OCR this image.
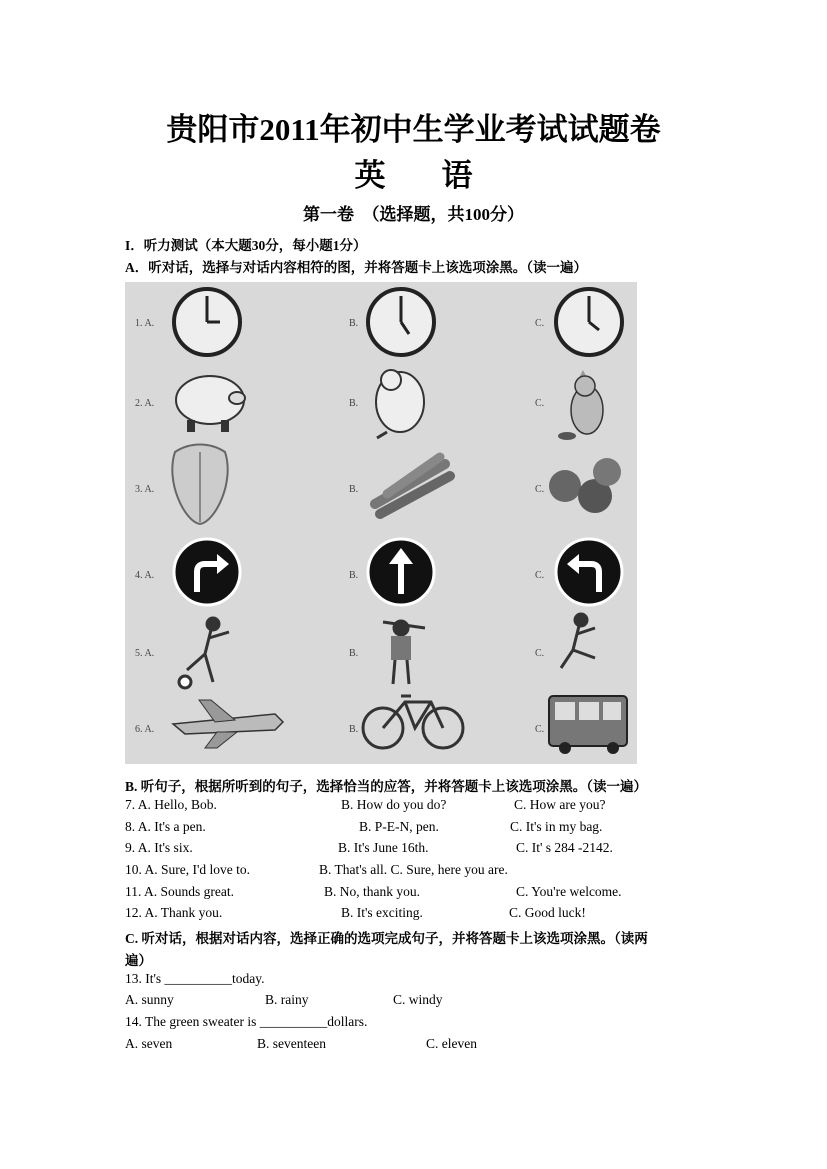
贵阳市2011年初中生学业考试试题卷
英 语
第一卷　（选择题，共100分）
I．听力测试（本大题30分，每小题1分）
A．听对话，选择与对话内容相符的图，并将答题卡上该选项涂黑。（读一遍）
1. A.	B.	C.
2. A.	B.	C.
3. A.	B.	C.
4. A.	B.	C.
5. A.	B.	C.
6. A.	B.	C.
B. 听句子，根据所听到的句子，选择恰当的应答，并将答题卡上该选项涂黑。（读一遍）
7. A. Hello, Bob.	B. How do you do?	C. How are you?
8. A. It's a pen.	B. P-E-N, pen.	C. It's in my bag.
9. A. It's six.	B. It's June 16th.	C. It' s 284 -2142.
10. A. Sure, I'd love to.	B. That's all. C. Sure, here you are.
11. A. Sounds great.	B. No, thank you.	C. You're welcome.
12. A. Thank you.	B. It's exciting.	C. Good luck!
C. 听对话，根据对话内容，选择正确的选项完成句子，并将答题卡上该选项涂黑。（读两
遍）
13. It's __________today.
A. sunny	B. rainy	C. windy
14. The green sweater is __________dollars.
A. seven	B. seventeen	C. eleven
